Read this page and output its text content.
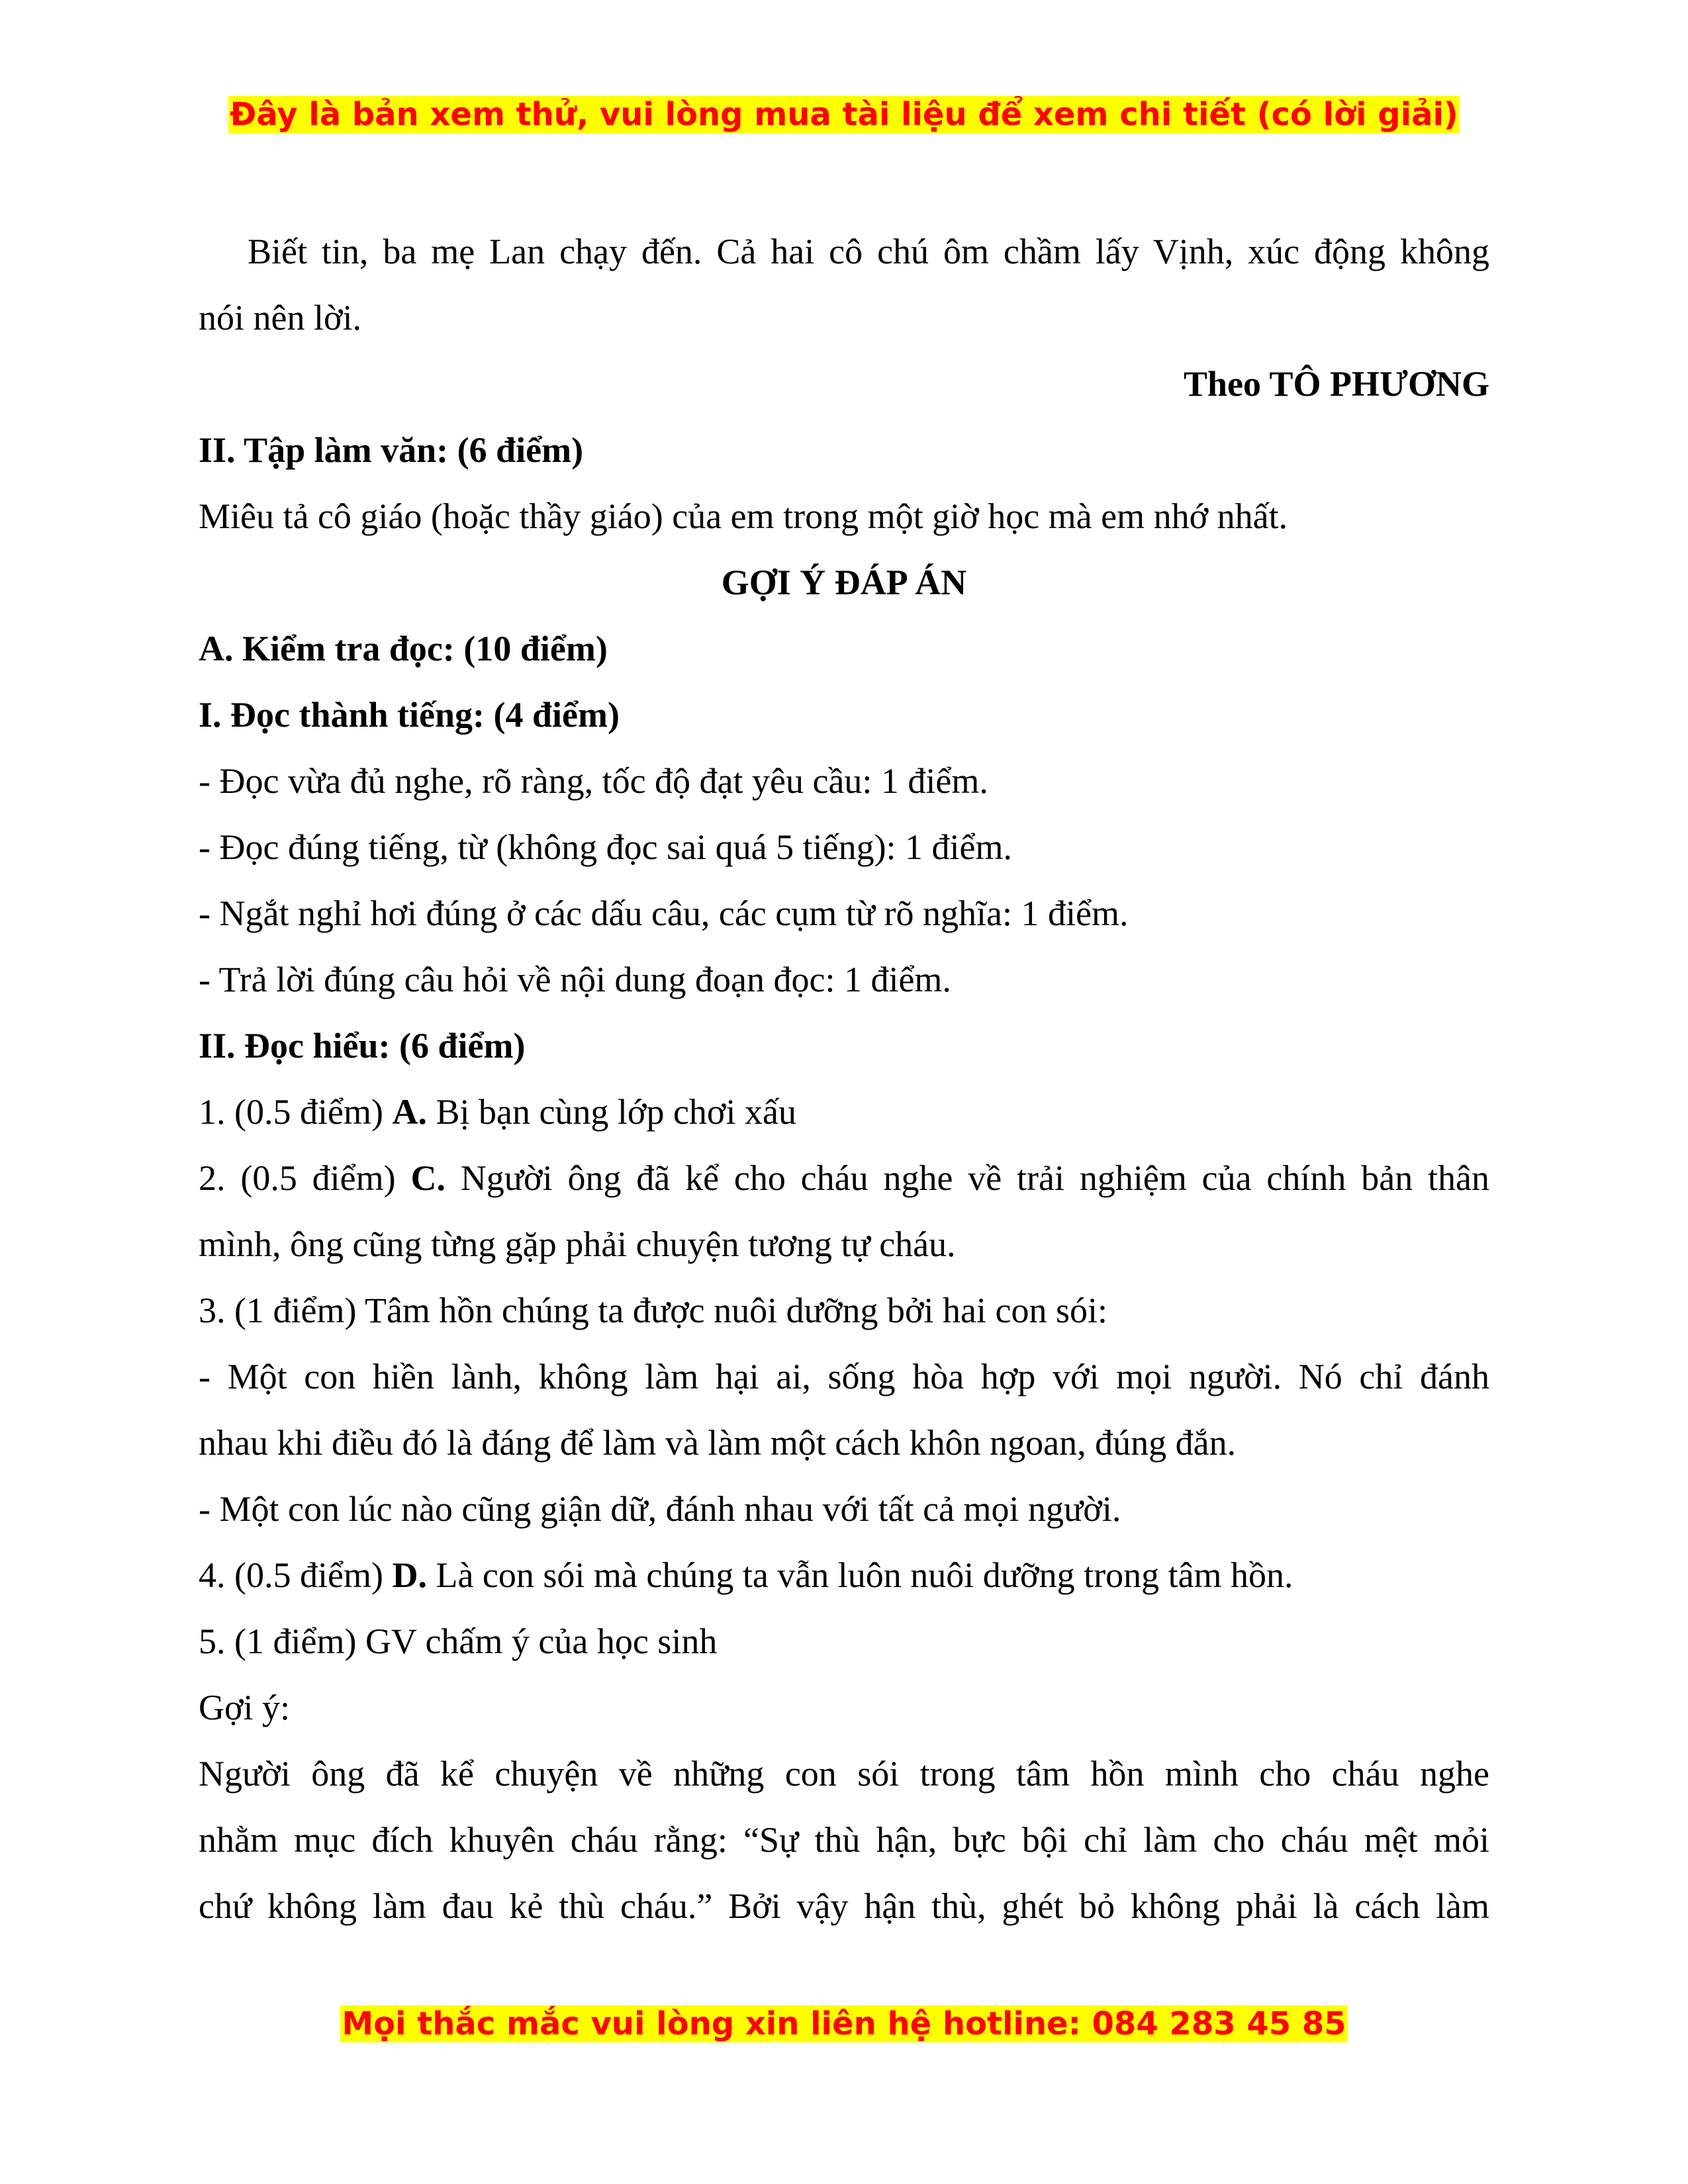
Đây là bản xem thử, vui lòng mua tài liệu để xem chi tiết (có lời giải)
Biết tin, ba mẹ Lan chạy đến. Cả hai cô chú ôm chầm lấy Vịnh, xúc động không
nói nên lời.
Theo TÔ PHƯƠNG
II. Tập làm văn: (6 điểm)
Miêu tả cô giáo (hoặc thầy giáo) của em trong một giờ học mà em nhớ nhất.
GỢI Ý ĐÁP ÁN
A. Kiểm tra đọc: (10 điểm)
I. Đọc thành tiếng: (4 điểm)
- Đọc vừa đủ nghe, rõ ràng, tốc độ đạt yêu cầu: 1 điểm.
- Đọc đúng tiếng, từ (không đọc sai quá 5 tiếng): 1 điểm.
- Ngắt nghỉ hơi đúng ở các dấu câu, các cụm từ rõ nghĩa: 1 điểm.
- Trả lời đúng câu hỏi về nội dung đoạn đọc: 1 điểm.
II. Đọc hiểu: (6 điểm)
1. (0.5 điểm) A. Bị bạn cùng lớp chơi xấu
2. (0.5 điểm) C. Người ông đã kể cho cháu nghe về trải nghiệm của chính bản thân
mình, ông cũng từng gặp phải chuyện tương tự cháu.
3. (1 điểm) Tâm hồn chúng ta được nuôi dưỡng bởi hai con sói:
- Một con hiền lành, không làm hại ai, sống hòa hợp với mọi người. Nó chỉ đánh
nhau khi điều đó là đáng để làm và làm một cách khôn ngoan, đúng đắn.
- Một con lúc nào cũng giận dữ, đánh nhau với tất cả mọi người.
4. (0.5 điểm) D. Là con sói mà chúng ta vẫn luôn nuôi dưỡng trong tâm hồn.
5. (1 điểm) GV chấm ý của học sinh
Gợi ý:
Người ông đã kể chuyện về những con sói trong tâm hồn mình cho cháu nghe
nhằm mục đích khuyên cháu rằng: “Sự thù hận, bực bội chỉ làm cho cháu mệt mỏi
chứ không làm đau kẻ thù cháu.” Bởi vậy hận thù, ghét bỏ không phải là cách làm
Mọi thắc mắc vui lòng xin liên hệ hotline: 084 283 45 85
